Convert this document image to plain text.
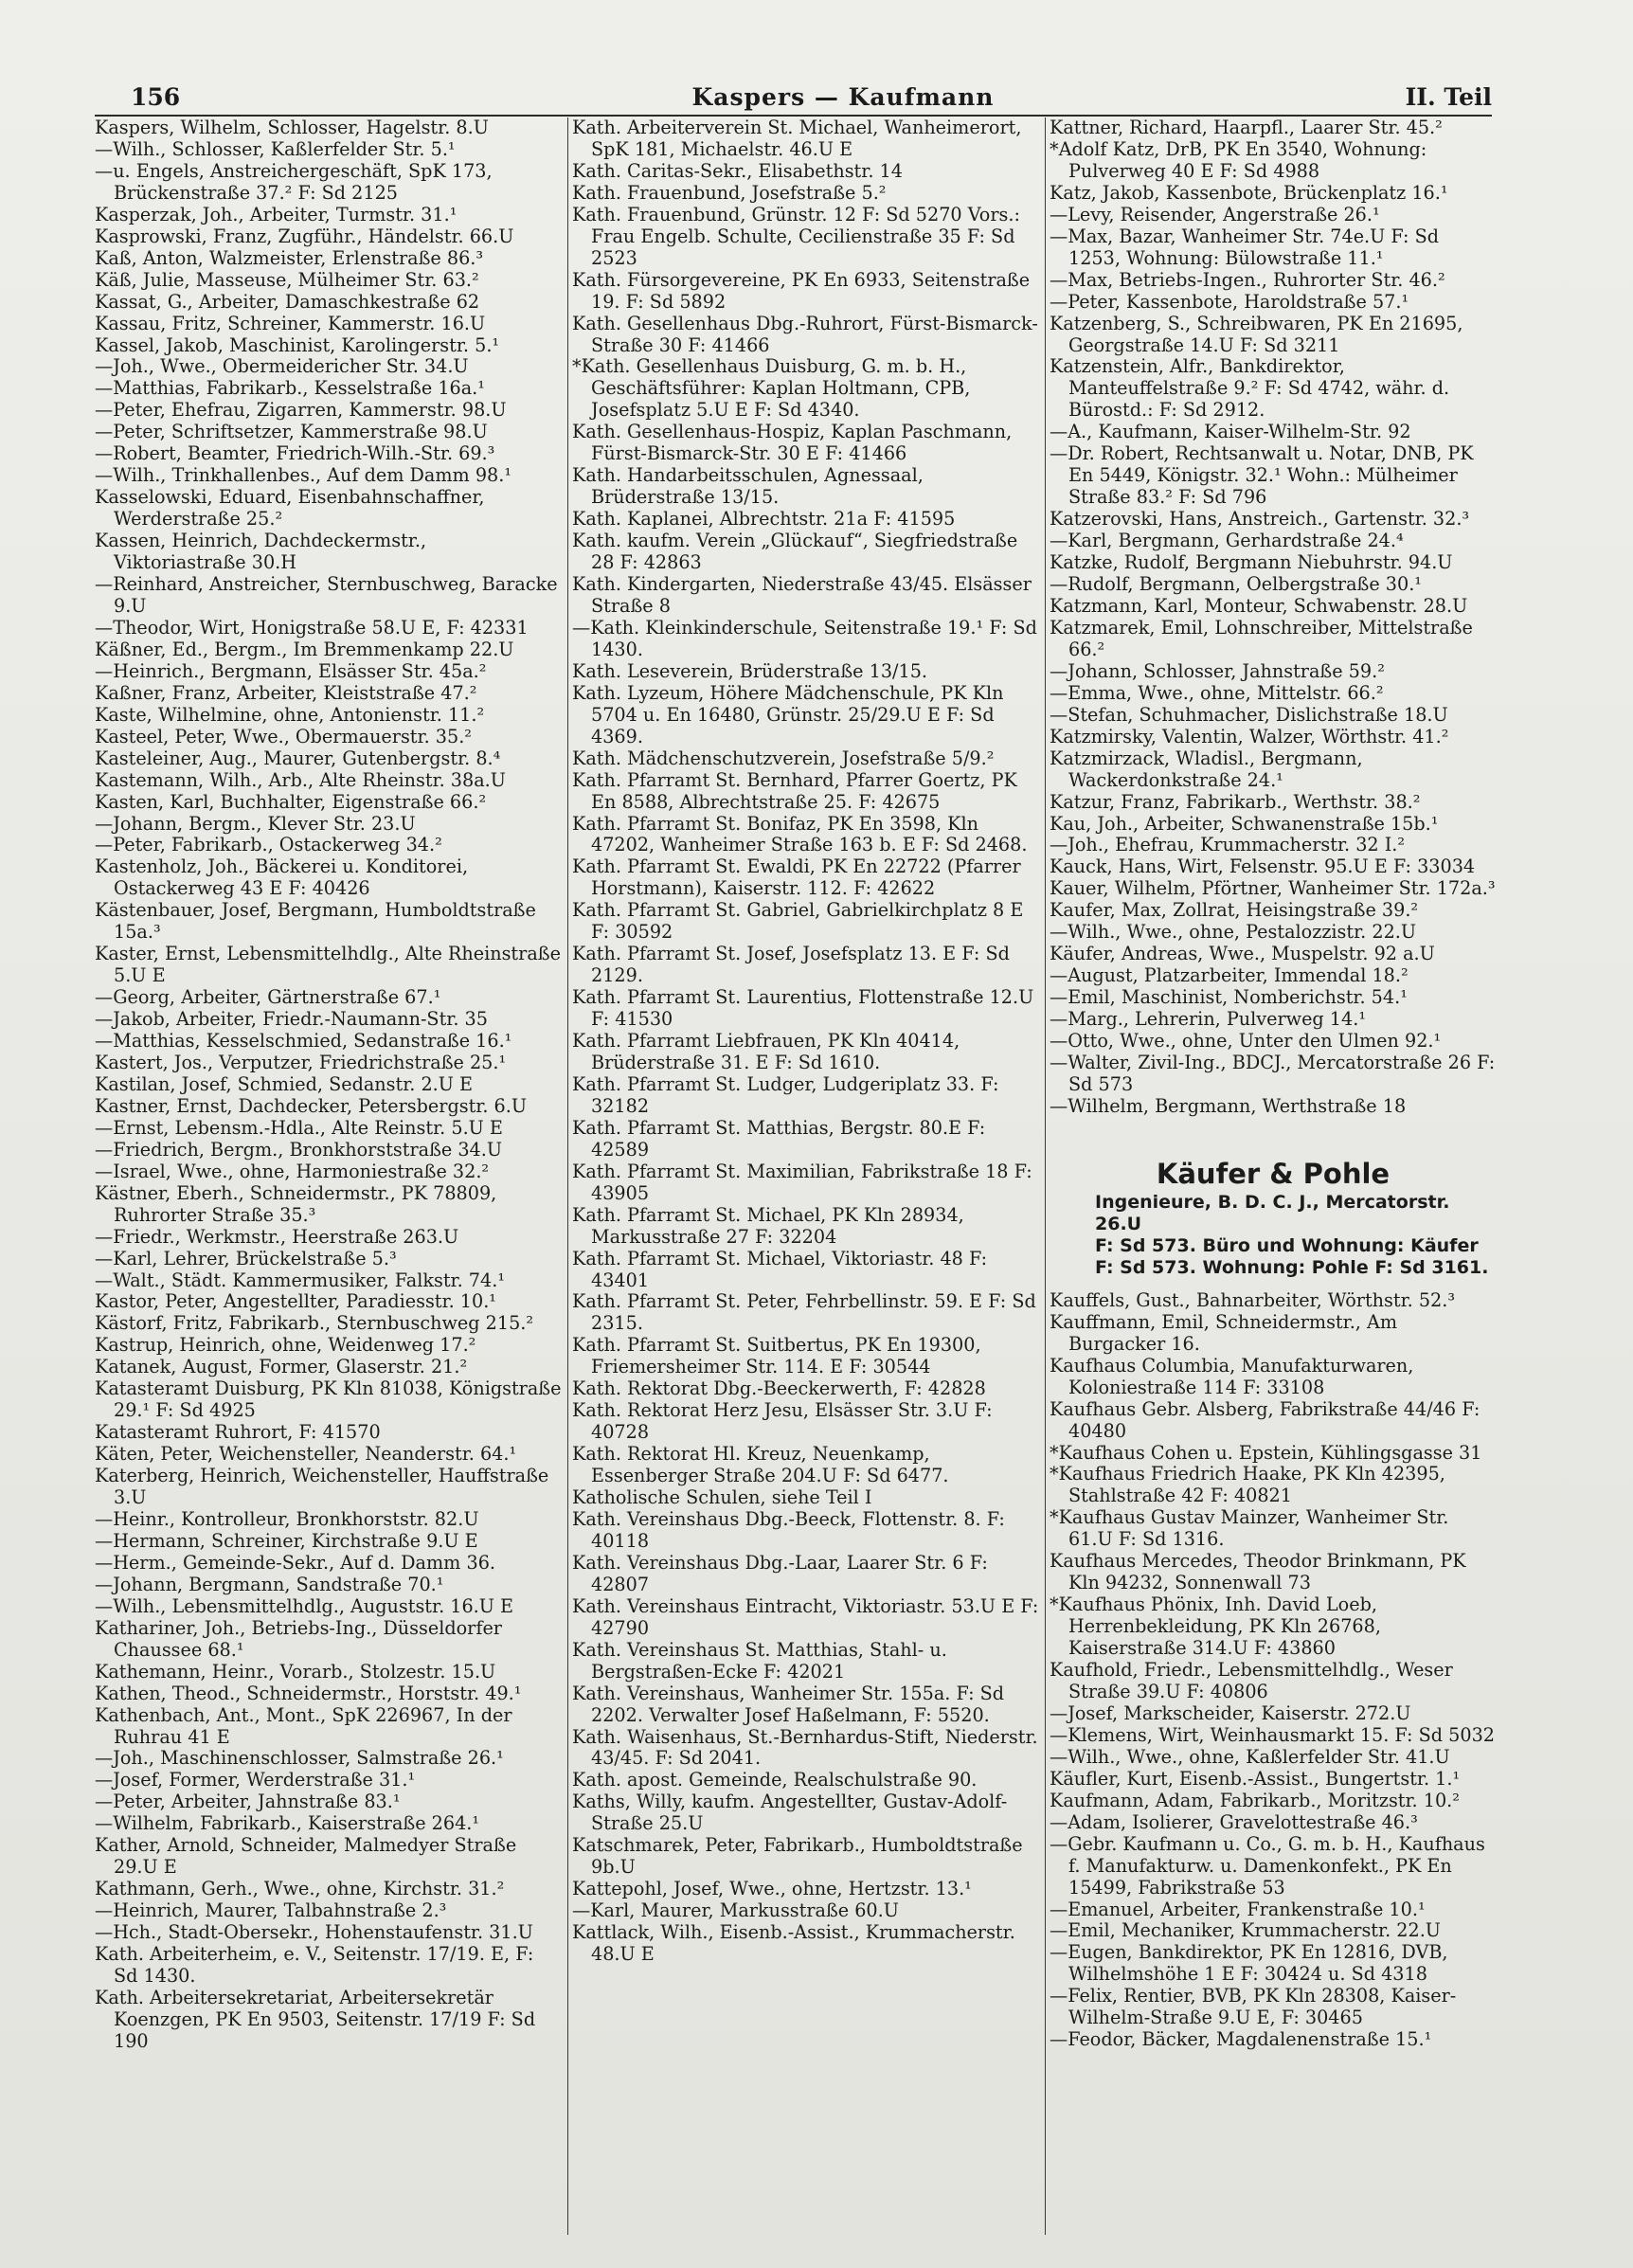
156	Kaspers — Kaufmann	II. Teil

Kaspers, Wilhelm, Schlosser, Hagelstr. 8.U

—Wilh., Schlosser, Kaßlerfelder Str. 5.¹

—u. Engels, Anstreichergeschäft, SpK 173, Brückenstraße 37.² F: Sd 2125

Kasperzak, Joh., Arbeiter, Turmstr. 31.¹

Kasprowski, Franz, Zugführ., Händelstr. 66.U

Kaß, Anton, Walzmeister, Erlenstraße 86.³

Käß, Julie, Masseuse, Mülheimer Str. 63.²

Kassat, G., Arbeiter, Damaschkestraße 62

Kassau, Fritz, Schreiner, Kammerstr. 16.U

Kassel, Jakob, Maschinist, Karolingerstr. 5.¹

—Joh., Wwe., Obermeidericher Str. 34.U

—Matthias, Fabrikarb., Kesselstraße 16a.¹

—Peter, Ehefrau, Zigarren, Kammerstr. 98.U

—Peter, Schriftsetzer, Kammerstraße 98.U

—Robert, Beamter, Friedrich-Wilh.-Str. 69.³

—Wilh., Trinkhallenbes., Auf dem Damm 98.¹

Kasselowski, Eduard, Eisenbahnschaffner, Werderstraße 25.²

Kassen, Heinrich, Dachdeckermstr., Viktoriastraße 30.H

—Reinhard, Anstreicher, Sternbuschweg, Baracke 9.U

—Theodor, Wirt, Honigstraße 58.U E, F: 42331

Käßner, Ed., Bergm., Im Bremmenkamp 22.U

—Heinrich., Bergmann, Elsässer Str. 45a.²

Kaßner, Franz, Arbeiter, Kleiststraße 47.²

Kaste, Wilhelmine, ohne, Antonienstr. 11.²

Kasteel, Peter, Wwe., Obermauerstr. 35.²

Kasteleiner, Aug., Maurer, Gutenbergstr. 8.⁴

Kastemann, Wilh., Arb., Alte Rheinstr. 38a.U

Kasten, Karl, Buchhalter, Eigenstraße 66.²

—Johann, Bergm., Klever Str. 23.U

—Peter, Fabrikarb., Ostackerweg 34.²

Kastenholz, Joh., Bäckerei u. Konditorei, Ostackerweg 43 E F: 40426

Kästenbauer, Josef, Bergmann, Humboldtstraße 15a.³

Kaster, Ernst, Lebensmittelhdlg., Alte Rheinstraße 5.U E

—Georg, Arbeiter, Gärtnerstraße 67.¹

—Jakob, Arbeiter, Friedr.-Naumann-Str. 35

—Matthias, Kesselschmied, Sedanstraße 16.¹

Kastert, Jos., Verputzer, Friedrichstraße 25.¹

Kastilan, Josef, Schmied, Sedanstr. 2.U E

Kastner, Ernst, Dachdecker, Petersbergstr. 6.U

—Ernst, Lebensm.-Hdla., Alte Reinstr. 5.U E

—Friedrich, Bergm., Bronkhorststraße 34.U

—Israel, Wwe., ohne, Harmoniestraße 32.²

Kästner, Eberh., Schneidermstr., PK 78809, Ruhrorter Straße 35.³

—Friedr., Werkmstr., Heerstraße 263.U

—Karl, Lehrer, Brückelstraße 5.³

—Walt., Städt. Kammermusiker, Falkstr. 74.¹

Kastor, Peter, Angestellter, Paradiesstr. 10.¹

Kästorf, Fritz, Fabrikarb., Sternbuschweg 215.²

Kastrup, Heinrich, ohne, Weidenweg 17.²

Katanek, August, Former, Glaserstr. 21.²

Katasteramt Duisburg, PK Kln 81038, Königstraße 29.¹ F: Sd 4925

Katasteramt Ruhrort, F: 41570

Käten, Peter, Weichensteller, Neanderstr. 64.¹

Katerberg, Heinrich, Weichensteller, Hauffstraße 3.U

—Heinr., Kontrolleur, Bronkhorststr. 82.U

—Hermann, Schreiner, Kirchstraße 9.U E

—Herm., Gemeinde-Sekr., Auf d. Damm 36.

—Johann, Bergmann, Sandstraße 70.¹

—Wilh., Lebensmittelhdlg., Auguststr. 16.U E

Kathariner, Joh., Betriebs-Ing., Düsseldorfer Chaussee 68.¹

Kathemann, Heinr., Vorarb., Stolzestr. 15.U

Kathen, Theod., Schneidermstr., Horststr. 49.¹

Kathenbach, Ant., Mont., SpK 226967, In der Ruhrau 41 E

—Joh., Maschinenschlosser, Salmstraße 26.¹

—Josef, Former, Werderstraße 31.¹

—Peter, Arbeiter, Jahnstraße 83.¹

—Wilhelm, Fabrikarb., Kaiserstraße 264.¹

Kather, Arnold, Schneider, Malmedyer Straße 29.U E

Kathmann, Gerh., Wwe., ohne, Kirchstr. 31.²

—Heinrich, Maurer, Talbahnstraße 2.³

—Hch., Stadt-Obersekr., Hohenstaufenstr. 31.U

Kath. Arbeiterheim, e. V., Seitenstr. 17/19. E, F: Sd 1430.

Kath. Arbeitersekretariat, Arbeitersekretär Koenzgen, PK En 9503, Seitenstr. 17/19 F: Sd 190

Kath. Arbeiterverein St. Michael, Wanheimerort, SpK 181, Michaelstr. 46.U E

Kath. Caritas-Sekr., Elisabethstr. 14

Kath. Frauenbund, Josefstraße 5.²

Kath. Frauenbund, Grünstr. 12 F: Sd 5270 Vors.: Frau Engelb. Schulte, Cecilienstraße 35 F: Sd 2523

Kath. Fürsorgevereine, PK En 6933, Seitenstraße 19. F: Sd 5892

Kath. Gesellenhaus Dbg.-Ruhrort, Fürst-Bismarck-Straße 30 F: 41466

*Kath. Gesellenhaus Duisburg, G. m. b. H., Geschäftsführer: Kaplan Holtmann, CPB, Josefsplatz 5.U E F: Sd 4340.

Kath. Gesellenhaus-Hospiz, Kaplan Paschmann, Fürst-Bismarck-Str. 30 E F: 41466

Kath. Handarbeitsschulen, Agnessaal, Brüderstraße 13/15.

Kath. Kaplanei, Albrechtstr. 21a F: 41595

Kath. kaufm. Verein „Glückauf“, Siegfriedstraße 28 F: 42863

Kath. Kindergarten, Niederstraße 43/45. Elsässer Straße 8

—Kath. Kleinkinderschule, Seitenstraße 19.¹ F: Sd 1430.

Kath. Leseverein, Brüderstraße 13/15.

Kath. Lyzeum, Höhere Mädchenschule, PK Kln 5704 u. En 16480, Grünstr. 25/29.U E F: Sd 4369.

Kath. Mädchenschutzverein, Josefstraße 5/9.²

Kath. Pfarramt St. Bernhard, Pfarrer Goertz, PK En 8588, Albrechtstraße 25. F: 42675

Kath. Pfarramt St. Bonifaz, PK En 3598, Kln 47202, Wanheimer Straße 163 b. E F: Sd 2468.

Kath. Pfarramt St. Ewaldi, PK En 22722 (Pfarrer Horstmann), Kaiserstr. 112. F: 42622

Kath. Pfarramt St. Gabriel, Gabrielkirchplatz 8 E F: 30592

Kath. Pfarramt St. Josef, Josefsplatz 13. E F: Sd 2129.

Kath. Pfarramt St. Laurentius, Flottenstraße 12.U F: 41530

Kath. Pfarramt Liebfrauen, PK Kln 40414, Brüderstraße 31. E F: Sd 1610.

Kath. Pfarramt St. Ludger, Ludgeriplatz 33. F: 32182

Kath. Pfarramt St. Matthias, Bergstr. 80.E F: 42589

Kath. Pfarramt St. Maximilian, Fabrikstraße 18 F: 43905

Kath. Pfarramt St. Michael, PK Kln 28934, Markusstraße 27 F: 32204

Kath. Pfarramt St. Michael, Viktoriastr. 48 F: 43401

Kath. Pfarramt St. Peter, Fehrbellinstr. 59. E F: Sd 2315.

Kath. Pfarramt St. Suitbertus, PK En 19300, Friemersheimer Str. 114. E F: 30544

Kath. Rektorat Dbg.-Beeckerwerth, F: 42828

Kath. Rektorat Herz Jesu, Elsässer Str. 3.U F: 40728

Kath. Rektorat Hl. Kreuz, Neuenkamp, Essenberger Straße 204.U F: Sd 6477.

Katholische Schulen, siehe Teil I

Kath. Vereinshaus Dbg.-Beeck, Flottenstr. 8. F: 40118

Kath. Vereinshaus Dbg.-Laar, Laarer Str. 6 F: 42807

Kath. Vereinshaus Eintracht, Viktoriastr. 53.U E F: 42790

Kath. Vereinshaus St. Matthias, Stahl- u. Bergstraßen-Ecke F: 42021

Kath. Vereinshaus, Wanheimer Str. 155a. F: Sd 2202. Verwalter Josef Haßelmann, F: 5520.

Kath. Waisenhaus, St.-Bernhardus-Stift, Niederstr. 43/45. F: Sd 2041.

Kath. apost. Gemeinde, Realschulstraße 90.

Kaths, Willy, kaufm. Angestellter, Gustav-Adolf-Straße 25.U

Katschmarek, Peter, Fabrikarb., Humboldtstraße 9b.U

Kattepohl, Josef, Wwe., ohne, Hertzstr. 13.¹

—Karl, Maurer, Markusstraße 60.U

Kattlack, Wilh., Eisenb.-Assist., Krummacherstr. 48.U E

Kattner, Richard, Haarpfl., Laarer Str. 45.²

*Adolf Katz, DrB, PK En 3540, Wohnung: Pulverweg 40 E F: Sd 4988

Katz, Jakob, Kassenbote, Brückenplatz 16.¹

—Levy, Reisender, Angerstraße 26.¹

—Max, Bazar, Wanheimer Str. 74e.U F: Sd 1253, Wohnung: Bülowstraße 11.¹

—Max, Betriebs-Ingen., Ruhrorter Str. 46.²

—Peter, Kassenbote, Haroldstraße 57.¹

Katzenberg, S., Schreibwaren, PK En 21695, Georgstraße 14.U F: Sd 3211

Katzenstein, Alfr., Bankdirektor, Manteuffelstraße 9.² F: Sd 4742, währ. d. Bürostd.: F: Sd 2912.

—A., Kaufmann, Kaiser-Wilhelm-Str. 92

—Dr. Robert, Rechtsanwalt u. Notar, DNB, PK En 5449, Königstr. 32.¹ Wohn.: Mülheimer Straße 83.² F: Sd 796

Katzerovski, Hans, Anstreich., Gartenstr. 32.³

—Karl, Bergmann, Gerhardstraße 24.⁴

Katzke, Rudolf, Bergmann Niebuhrstr. 94.U

—Rudolf, Bergmann, Oelbergstraße 30.¹

Katzmann, Karl, Monteur, Schwabenstr. 28.U

Katzmarek, Emil, Lohnschreiber, Mittelstraße 66.²

—Johann, Schlosser, Jahnstraße 59.²

—Emma, Wwe., ohne, Mittelstr. 66.²

—Stefan, Schuhmacher, Dislichstraße 18.U

Katzmirsky, Valentin, Walzer, Wörthstr. 41.²

Katzmirzack, Wladisl., Bergmann, Wackerdonkstraße 24.¹

Katzur, Franz, Fabrikarb., Werthstr. 38.²

Kau, Joh., Arbeiter, Schwanenstraße 15b.¹

—Joh., Ehefrau, Krummacherstr. 32 I.²

Kauck, Hans, Wirt, Felsenstr. 95.U E F: 33034

Kauer, Wilhelm, Pförtner, Wanheimer Str. 172a.³

Kaufer, Max, Zollrat, Heisingstraße 39.²

—Wilh., Wwe., ohne, Pestalozzistr. 22.U

Käufer, Andreas, Wwe., Muspelstr. 92 a.U

—August, Platzarbeiter, Immendal 18.²

—Emil, Maschinist, Nomberichstr. 54.¹

—Marg., Lehrerin, Pulverweg 14.¹

—Otto, Wwe., ohne, Unter den Ulmen 92.¹

—Walter, Zivil-Ing., BDCJ., Mercatorstraße 26 F: Sd 573

—Wilhelm, Bergmann, Werthstraße 18

Käufer & Pohle
Ingenieure, B. D. C. J., Mercatorstr. 26.U
F: Sd 573. Büro und Wohnung: Käufer
F: Sd 573. Wohnung: Pohle F: Sd 3161.

Kauffels, Gust., Bahnarbeiter, Wörthstr. 52.³

Kauffmann, Emil, Schneidermstr., Am Burgacker 16.

Kaufhaus Columbia, Manufakturwaren, Koloniestraße 114 F: 33108

Kaufhaus Gebr. Alsberg, Fabrikstraße 44/46 F: 40480

*Kaufhaus Cohen u. Epstein, Kühlingsgasse 31

*Kaufhaus Friedrich Haake, PK Kln 42395, Stahlstraße 42 F: 40821

*Kaufhaus Gustav Mainzer, Wanheimer Str. 61.U F: Sd 1316.

Kaufhaus Mercedes, Theodor Brinkmann, PK Kln 94232, Sonnenwall 73

*Kaufhaus Phönix, Inh. David Loeb, Herrenbekleidung, PK Kln 26768, Kaiserstraße 314.U F: 43860

Kaufhold, Friedr., Lebensmittelhdlg., Weser Straße 39.U F: 40806

—Josef, Markscheider, Kaiserstr. 272.U

—Klemens, Wirt, Weinhausmarkt 15. F: Sd 5032

—Wilh., Wwe., ohne, Kaßlerfelder Str. 41.U

Käufler, Kurt, Eisenb.-Assist., Bungertstr. 1.¹

Kaufmann, Adam, Fabrikarb., Moritzstr. 10.²

—Adam, Isolierer, Gravelottestraße 46.³

—Gebr. Kaufmann u. Co., G. m. b. H., Kaufhaus f. Manufakturw. u. Damenkonfekt., PK En 15499, Fabrikstraße 53

—Emanuel, Arbeiter, Frankenstraße 10.¹

—Emil, Mechaniker, Krummacherstr. 22.U

—Eugen, Bankdirektor, PK En 12816, DVB, Wilhelmshöhe 1 E F: 30424 u. Sd 4318

—Felix, Rentier, BVB, PK Kln 28308, Kaiser-Wilhelm-Straße 9.U E, F: 30465

—Feodor, Bäcker, Magdalenenstraße 15.¹
